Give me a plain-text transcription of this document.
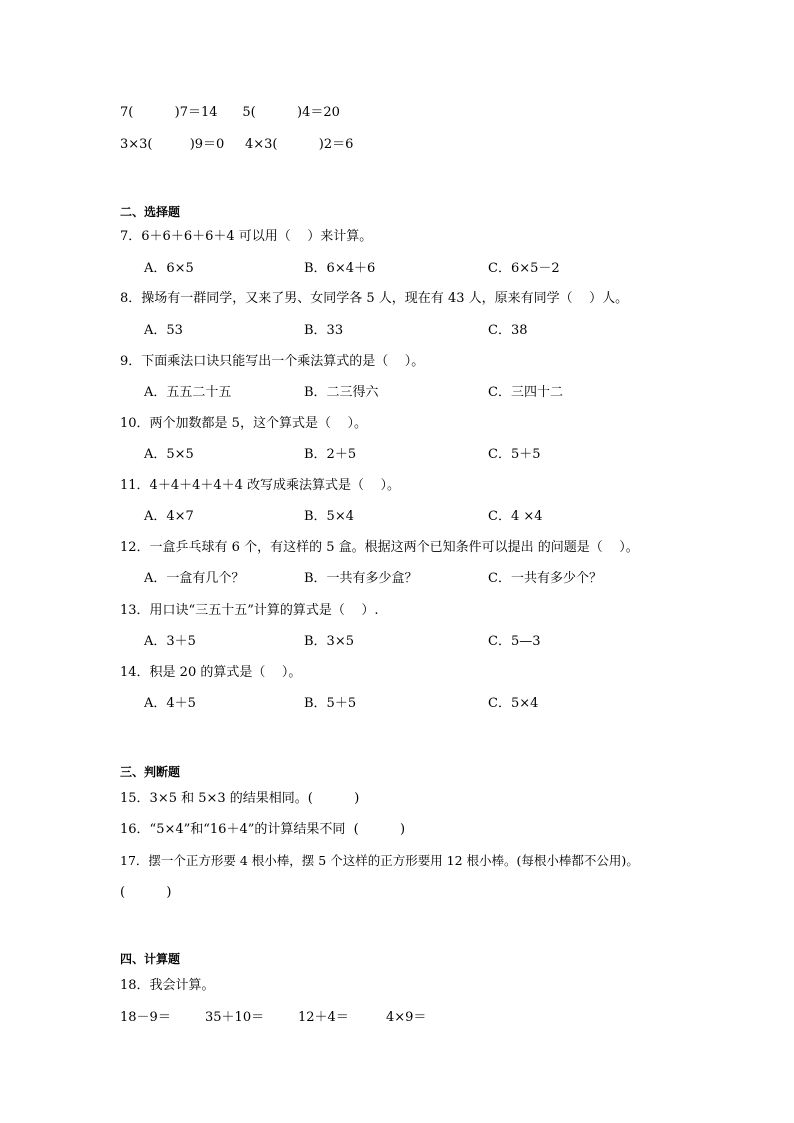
7(          )7＝14      5(          )4＝20
3×3(         )9＝0     4×3(          )2＝6
二、选择题
7．6＋6＋6＋6＋4 可以用（    ）来计算。
A．6×5	B．6×4＋6	C．6×5－2
8．操场有一群同学，又来了男、女同学各 5 人，现在有 43 人，原来有同学（    ）人。
A．53	B．33	C．38
9．下面乘法口诀只能写出一个乘法算式的是（    ）。
A．五五二十五	B．二三得六	C．三四十二
10．两个加数都是 5，这个算式是（    ）。
A．5×5	B．2＋5	C．5＋5
11．4＋4＋4＋4＋4 改写成乘法算式是（    ）。
A．4×7	B．5×4	C．4 ×4
12．一盒乒乓球有 6 个，有这样的 5 盒。根据这两个已知条件可以提出 的问题是（    ）。
A．一盒有几个？	B．一共有多少盒？	C．一共有多少个？
13．用口诀“三五十五”计算的算式是（    ）.
A．3＋5	B．3×5	C．5—3
14．积是 20 的算式是（    ）。
A．4＋5	B．5＋5	C．5×4
三、判断题
15．3×5 和 5×3 的结果相同。(          )
16．“5×4”和“16＋4”的计算结果不同  (          )
17．摆一个正方形要 4 根小棒，摆 5 个这样的正方形要用 12 根小棒。(每根小棒都不公用)。
(          )
四、计算题
18．我会计算。
18－9＝	35＋10＝	12＋4＝	4×9＝
